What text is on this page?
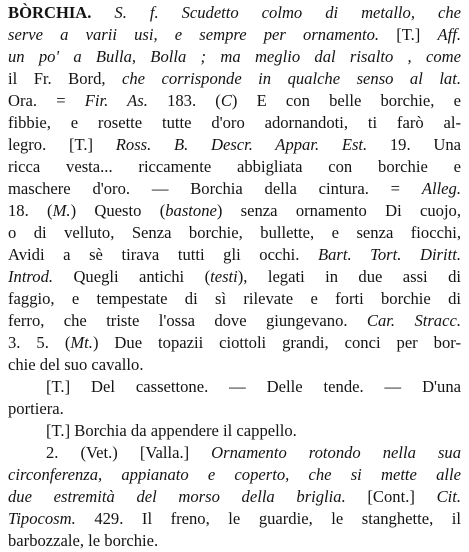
BÒRCHIA. S. f. Scudetto colmo di metallo, che
serve a varii usi, e sempre per ornamento. [T.] Aff.
un po' a Bulla, Bolla ; ma meglio dal risalto , come
il Fr. Bord, che corrisponde in qualche senso al lat.
Ora. = Fir. As. 183. (C) E con belle borchie, e
fibbie, e rosette tutte d'oro adornandoti, ti farò al-
legro. [T.] Ross. B. Descr. Appar. Est. 19. Una
ricca vesta... riccamente abbigliata con borchie e
maschere d'oro. — Borchia della cintura. = Alleg.
18. (M.) Questo (bastone) senza ornamento Di cuojo,
o di velluto, Senza borchie, bullette, e senza fiocchi,
Avidi a sè tirava tutti gli occhi. Bart. Tort. Diritt.
Introd. Quegli antichi (testi), legati in due assi di
faggio, e tempestate di sì rilevate e forti borchie di
ferro, che triste l'ossa dove giungevano. Car. Stracc.
3. 5. (Mt.) Due topazii ciottoli grandi, conci per bor-
chie del suo cavallo.
[T.] Del cassettone. — Delle tende. — D'una
portiera.
[T.] Borchia da appendere il cappello.
2. (Vet.) [Valla.] Ornamento rotondo nella sua
circonferenza, appianato e coperto, che si mette alle
due estremità del morso della briglia. [Cont.] Cit.
Tipocosm. 429. Il freno, le guardie, le stanghette, il
barbozzale, le borchie.
